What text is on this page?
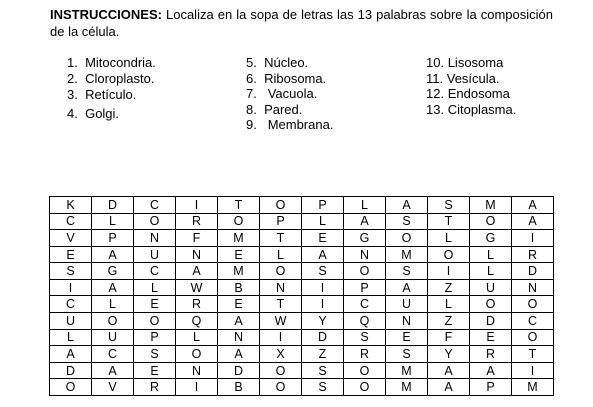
INSTRUCCIONES: Localiza en la sopa de letras las 13 palabras sobre la composición de la célula.
1. Mitocondria.
2. Cloroplasto.
3. Retículo.
4. Golgi.
5. Núcleo.
6. Ribosoma.
7.   Vacuola.
8. Pared.
9.   Membrana.
10. Lisosoma
11. Vesícula.
12. Endosoma
13. Citoplasma.
K	D	C	I	T	O	P	L	A	S	M	A
C	L	O	R	O	P	L	A	S	T	O	A
V	P	N	F	M	T	E	G	O	L	G	I
E	A	U	N	E	L	A	N	M	O	L	R
S	G	C	A	M	O	S	O	S	I	L	D
I	A	L	W	B	N	I	P	A	Z	U	N
C	L	E	R	E	T	I	C	U	L	O	O
U	O	O	Q	A	W	Y	Q	N	Z	D	C
L	U	P	L	N	I	D	S	E	F	E	O
A	C	S	O	A	X	Z	R	S	Y	R	T
D	A	E	N	D	O	S	O	M	A	A	I
O	V	R	I	B	O	S	O	M	A	P	M
